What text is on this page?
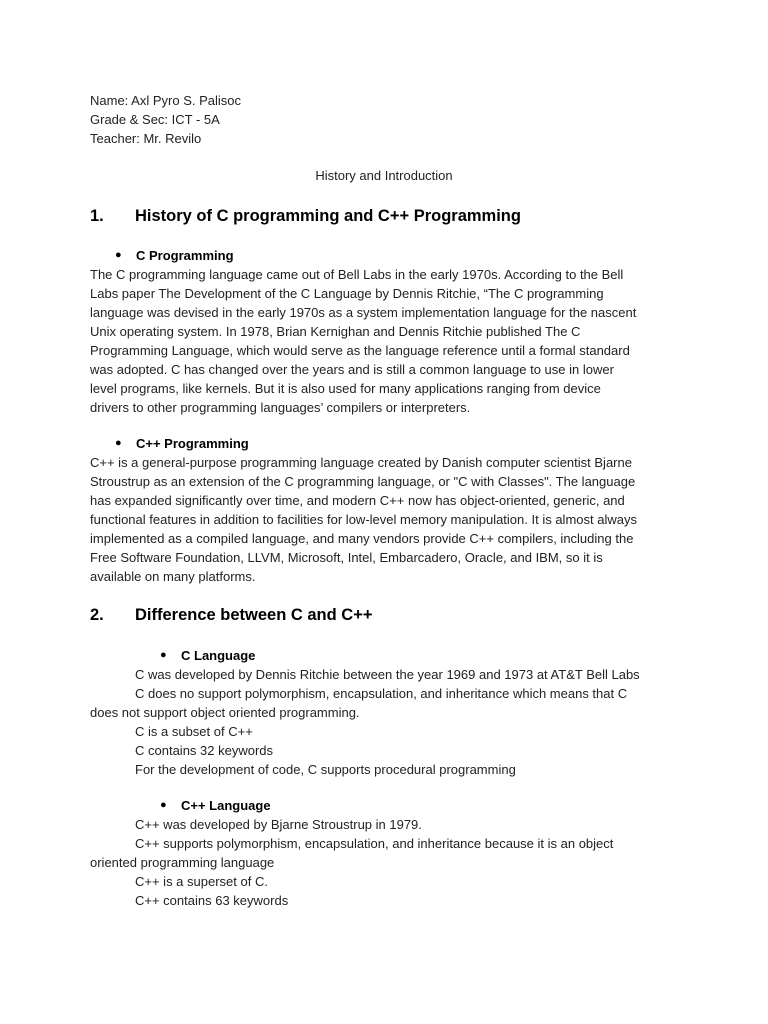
Name: Axl Pyro S. Palisoc
Grade & Sec: ICT - 5A
Teacher: Mr. Revilo
History and Introduction
1. History of C programming and C++ Programming
● C Programming
The C programming language came out of Bell Labs in the early 1970s. According to the Bell
Labs paper The Development of the C Language by Dennis Ritchie, “The C programming
language was devised in the early 1970s as a system implementation language for the nascent
Unix operating system. In 1978, Brian Kernighan and Dennis Ritchie published The C
Programming Language, which would serve as the language reference until a formal standard
was adopted. C has changed over the years and is still a common language to use in lower
level programs, like kernels. But it is also used for many applications ranging from device
drivers to other programming languages’ compilers or interpreters.
● C++ Programming
C++ is a general-purpose programming language created by Danish computer scientist Bjarne
Stroustrup as an extension of the C programming language, or "C with Classes". The language
has expanded significantly over time, and modern C++ now has object-oriented, generic, and
functional features in addition to facilities for low-level memory manipulation. It is almost always
implemented as a compiled language, and many vendors provide C++ compilers, including the
Free Software Foundation, LLVM, Microsoft, Intel, Embarcadero, Oracle, and IBM, so it is
available on many platforms.
2. Difference between C and C++
● C Language
C was developed by Dennis Ritchie between the year 1969 and 1973 at AT&T Bell Labs
C does no support polymorphism, encapsulation, and inheritance which means that C
does not support object oriented programming.
C is a subset of C++
C contains 32 keywords
For the development of code, C supports procedural programming
● C++ Language
C++ was developed by Bjarne Stroustrup in 1979.
C++ supports polymorphism, encapsulation, and inheritance because it is an object
oriented programming language
C++ is a superset of C.
C++ contains 63 keywords
